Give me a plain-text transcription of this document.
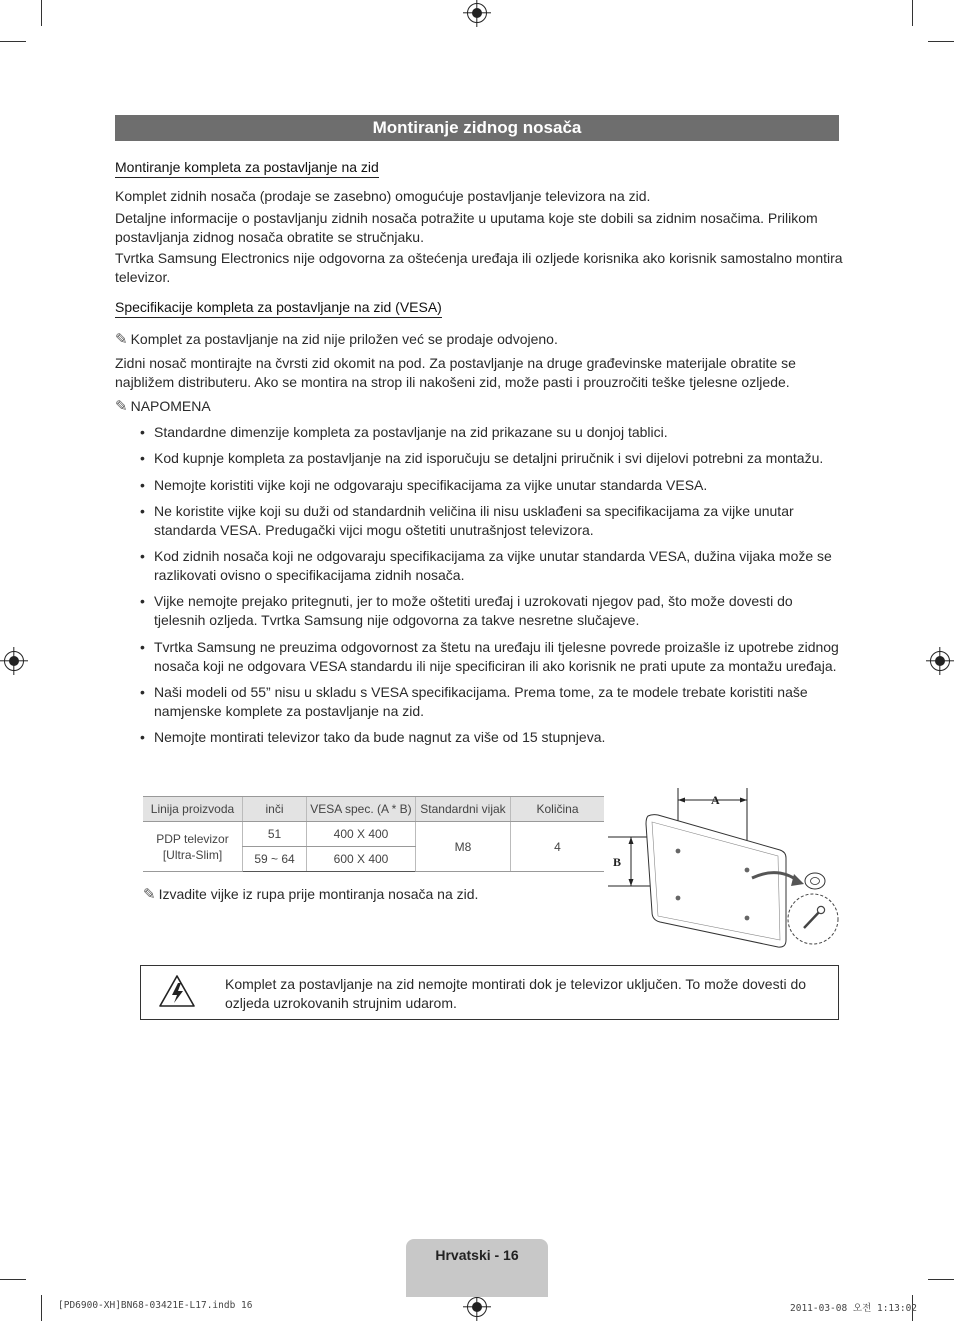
Montiranje zidnog nosača
Montiranje kompleta za postavljanje na zid
Komplet zidnih nosača (prodaje se zasebno) omogućuje postavljanje televizora na zid.
Detaljne informacije o postavljanju zidnih nosača potražite u uputama koje ste dobili sa zidnim nosačima. Prilikom postavljanja zidnog nosača obratite se stručnjaku.
Tvrtka Samsung Electronics nije odgovorna za oštećenja uređaja ili ozljede korisnika ako korisnik samostalno montira televizor.
Specifikacije kompleta za postavljanje na zid (VESA)
✎ Komplet za postavljanje na zid nije priložen već se prodaje odvojeno.
Zidni nosač montirajte na čvrsti zid okomit na pod. Za postavljanje na druge građevinske materijale obratite se najbližem distributeru. Ako se montira na strop ili nakošeni zid, može pasti i prouzročiti teške tjelesne ozljede.
✎ NAPOMENA
• Standardne dimenzije kompleta za postavljanje na zid prikazane su u donjoj tablici.
• Kod kupnje kompleta za postavljanje na zid isporučuju se detaljni priručnik i svi dijelovi potrebni za montažu.
• Nemojte koristiti vijke koji ne odgovaraju specifikacijama za vijke unutar standarda VESA.
• Ne koristite vijke koji su duži od standardnih veličina ili nisu usklađeni sa specifikacijama za vijke unutar standarda VESA. Predugački vijci mogu oštetiti unutrašnjost televizora.
• Kod zidnih nosača koji ne odgovaraju specifikacijama za vijke unutar standarda VESA, dužina vijaka može se razlikovati ovisno o specifikacijama zidnih nosača.
• Vijke nemojte prejako pritegnuti, jer to može oštetiti uređaj i uzrokovati njegov pad, što može dovesti do tjelesnih ozljeda. Tvrtka Samsung nije odgovorna za takve nesretne slučajeve.
• Tvrtka Samsung ne preuzima odgovornost za štetu na uređaju ili tjelesne povrede proizašle iz upotrebe zidnog nosača koji ne odgovara VESA standardu ili nije specificiran ili ako korisnik ne prati upute za montažu uređaja.
• Naši modeli od 55” nisu u skladu s VESA specifikacijama. Prema tome, za te modele trebate koristiti naše namjenske komplete za postavljanje na zid.
• Nemojte montirati televizor tako da bude nagnut za više od 15 stupnjeva.
Linija proizvoda	inči	VESA spec. (A * B)	Standardni vijak	Količina
PDP televizor
[Ultra-Slim]	51	400 X 400	M8	4
	59 ~ 64	600 X 400		
✎ Izvadite vijke iz rupa prije montiranja nosača na zid.
A
B
Komplet za postavljanje na zid nemojte montirati dok je televizor uključen. To može dovesti do ozljeda uzrokovanih strujnim udarom.
Hrvatski - 16
[PD6900-XH]BN68-03421E-L17.indb 16	2011-03-08 오전 1:13:02
